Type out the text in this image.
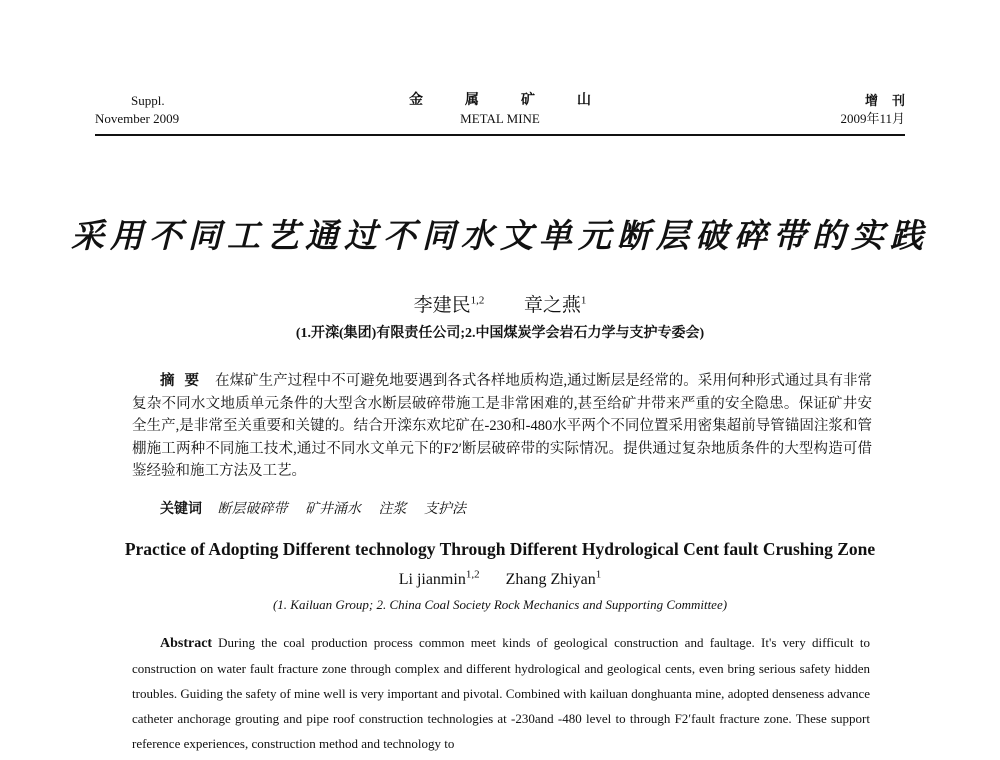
Suppl.
November 2009
金属矿山
METAL MINE
增刊
2009年11月
采用不同工艺通过不同水文单元断层破碎带的实践
李建民$^{1,2}$ 章之燕$^1$
(1.开滦(集团)有限责任公司;2.中国煤炭学会岩石力学与支护专委会)
摘要 在煤矿生产过程中不可避免地要遇到各式各样地质构造,通过断层是经常的。采用何种形式通过具有非常复杂不同水文地质单元条件的大型含水断层破碎带施工是非常困难的,甚至给矿井带来严重的安全隐患。保证矿井安全生产,是非常至关重要和关键的。结合开滦东欢坨矿在-230和-480水平两个不同位置采用密集超前导管锚固注浆和管棚施工两种不同施工技术,通过不同水文单元下的F2′断层破碎带的实际情况。提供通过复杂地质条件的大型构造可借鉴经验和施工方法及工艺。
关键词 断层破碎带 矿井涌水 注浆 支护法
Practice of Adopting Different technology Through Different Hydrological Cent fault Crushing Zone
Li jianmin$^{1,2}$ Zhang Zhiyan$^1$
(1. Kailuan Group; 2. China Coal Society Rock Mechanics and Supporting Committee)
Abstract During the coal production process common meet kinds of geological construction and faultage. It's very difficult to construction on water fault fracture zone through complex and different hydrological and geological cents, even bring serious safety hidden troubles. Guiding the safety of mine well is very important and pivotal. Combined with kailuan donghuanta mine, adopted denseness advance catheter anchorage grouting and pipe roof construction technologies at -230and -480 level to through F2′fault fracture zone. These support reference experiences, construction method and technology to
